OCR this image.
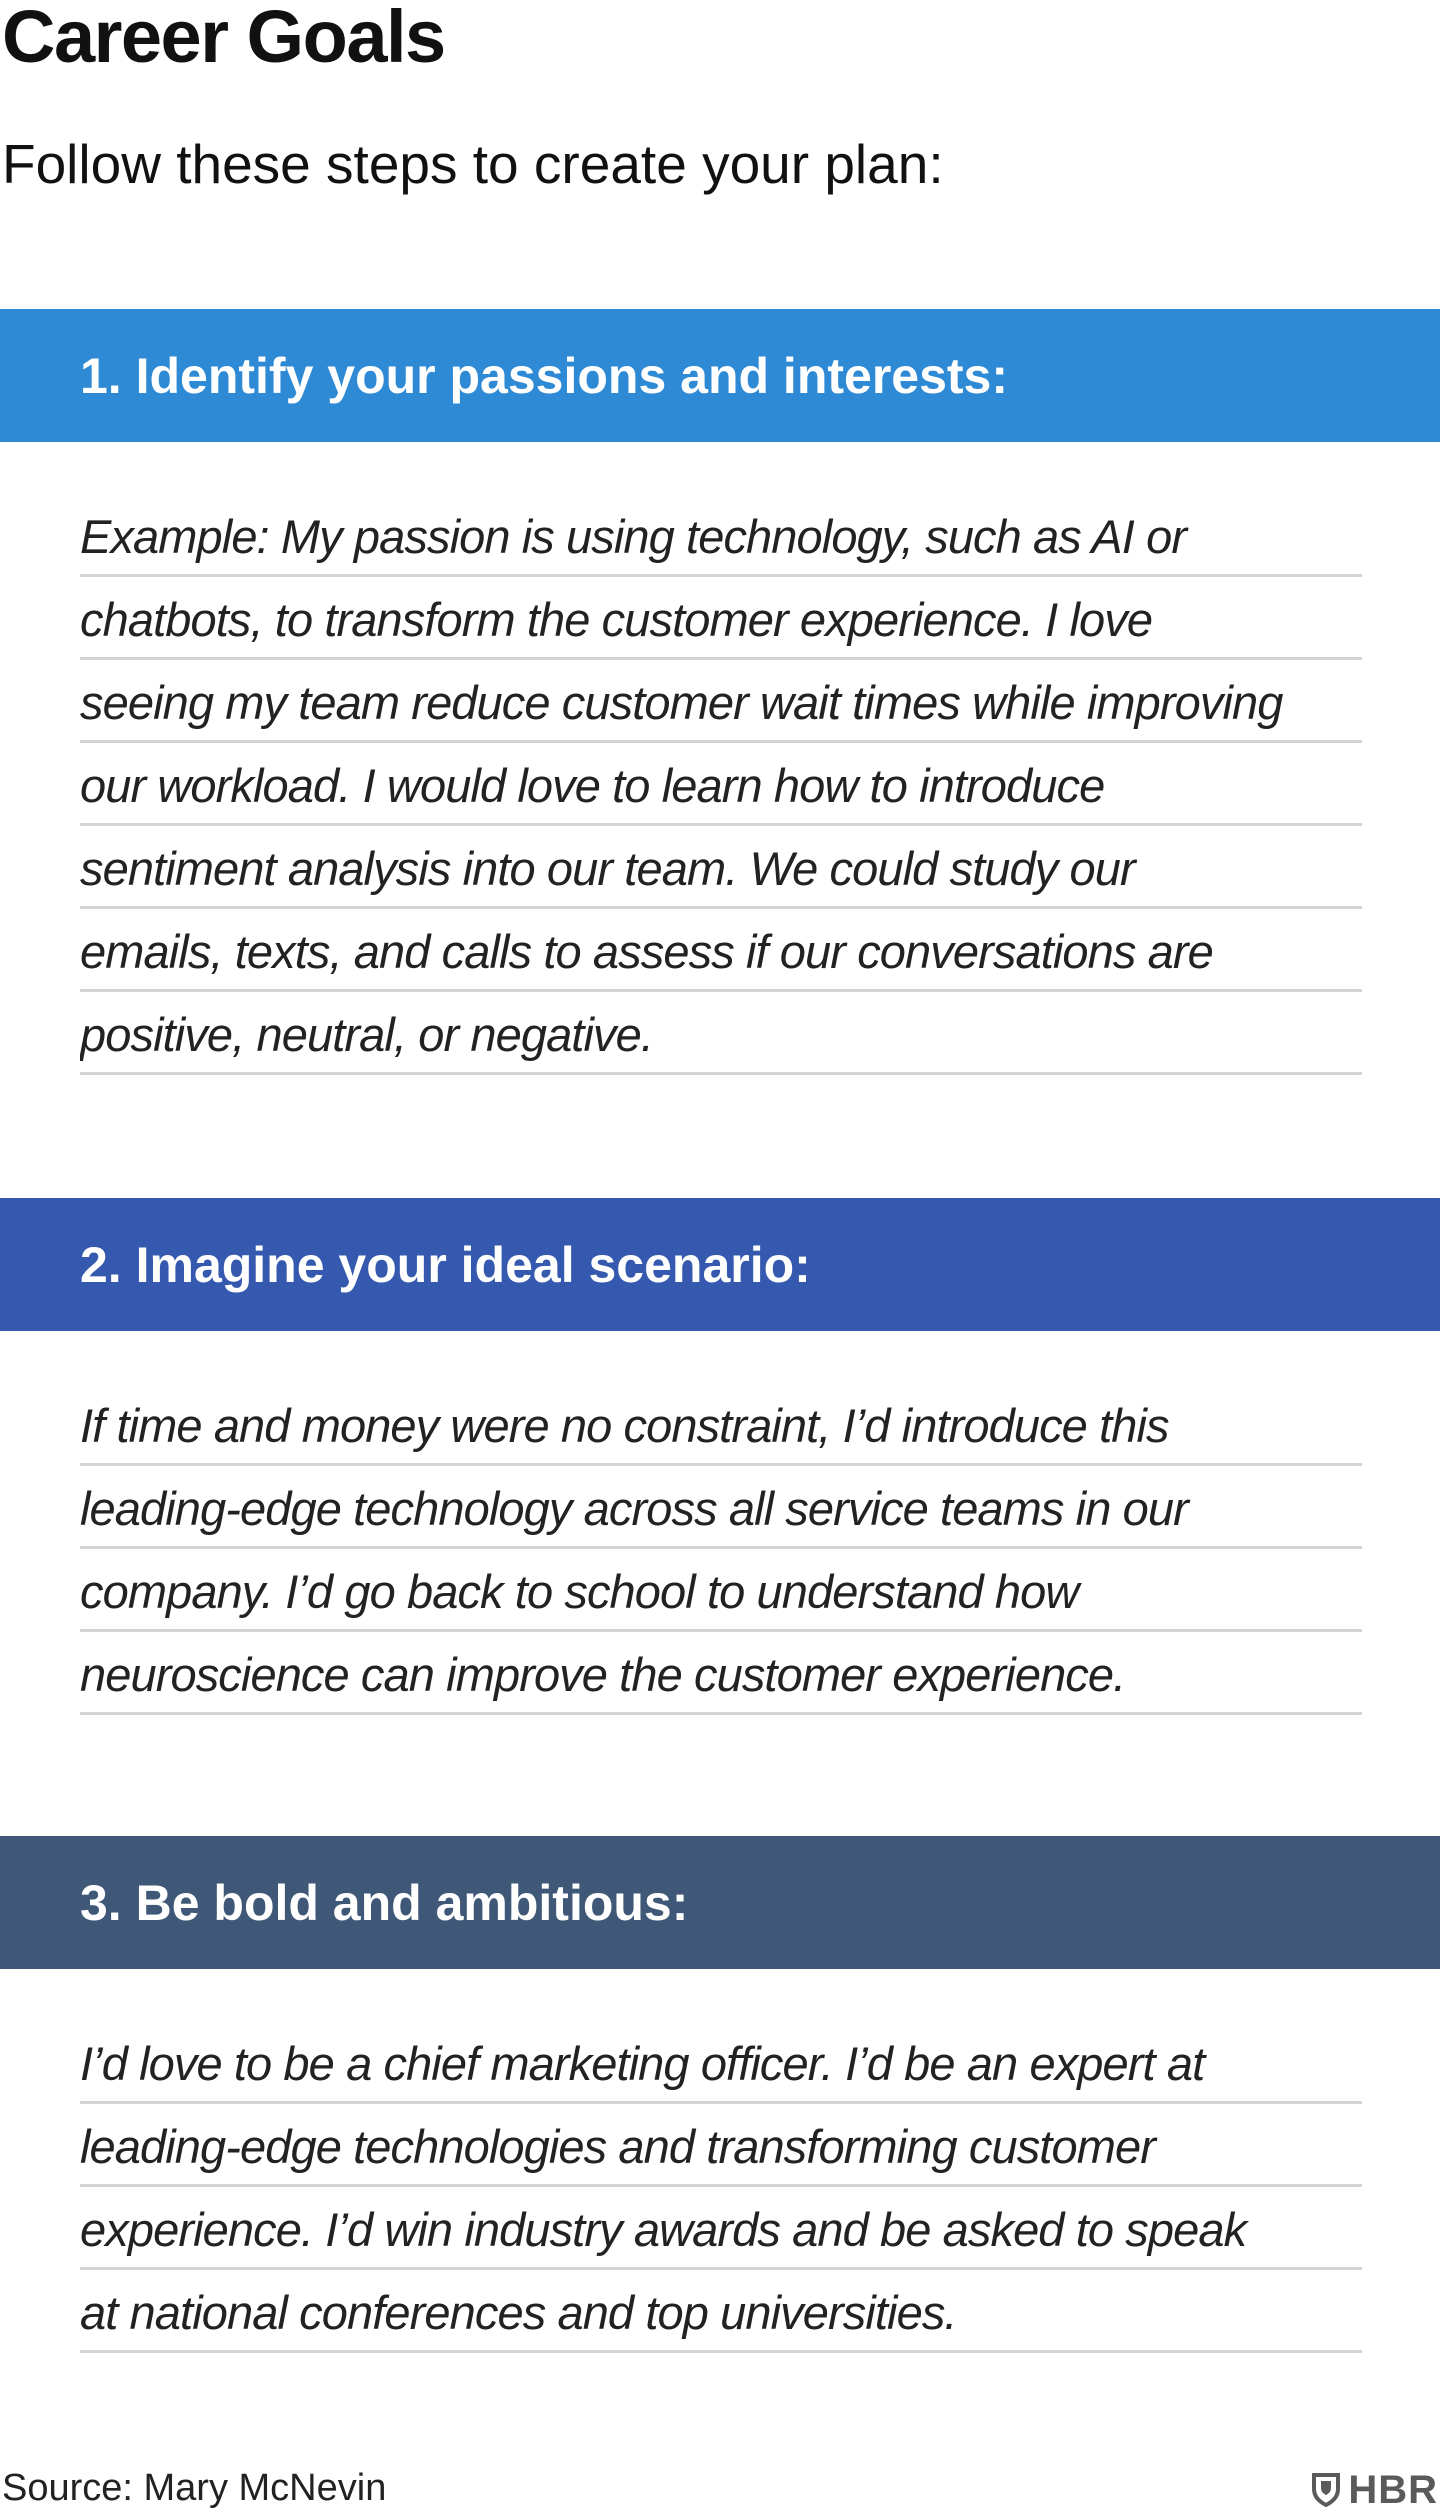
Career Goals

Follow these steps to create your plan:

1. Identify your passions and interests:
Example: My passion is using technology, such as AI or
chatbots, to transform the customer experience. I love
seeing my team reduce customer wait times while improving
our workload. I would love to learn how to introduce
sentiment analysis into our team. We could study our
emails, texts, and calls to assess if our conversations are
positive, neutral, or negative.
2. Imagine your ideal scenario:
If time and money were no constraint, I’d introduce this
leading-edge technology across all service teams in our
company. I’d go back to school to understand how
neuroscience can improve the customer experience.
3. Be bold and ambitious:
I’d love to be a chief marketing officer. I’d be an expert at
leading-edge technologies and transforming customer
experience. I’d win industry awards and be asked to speak
at national conferences and top universities.

Source: Mary McNevin	HBR
